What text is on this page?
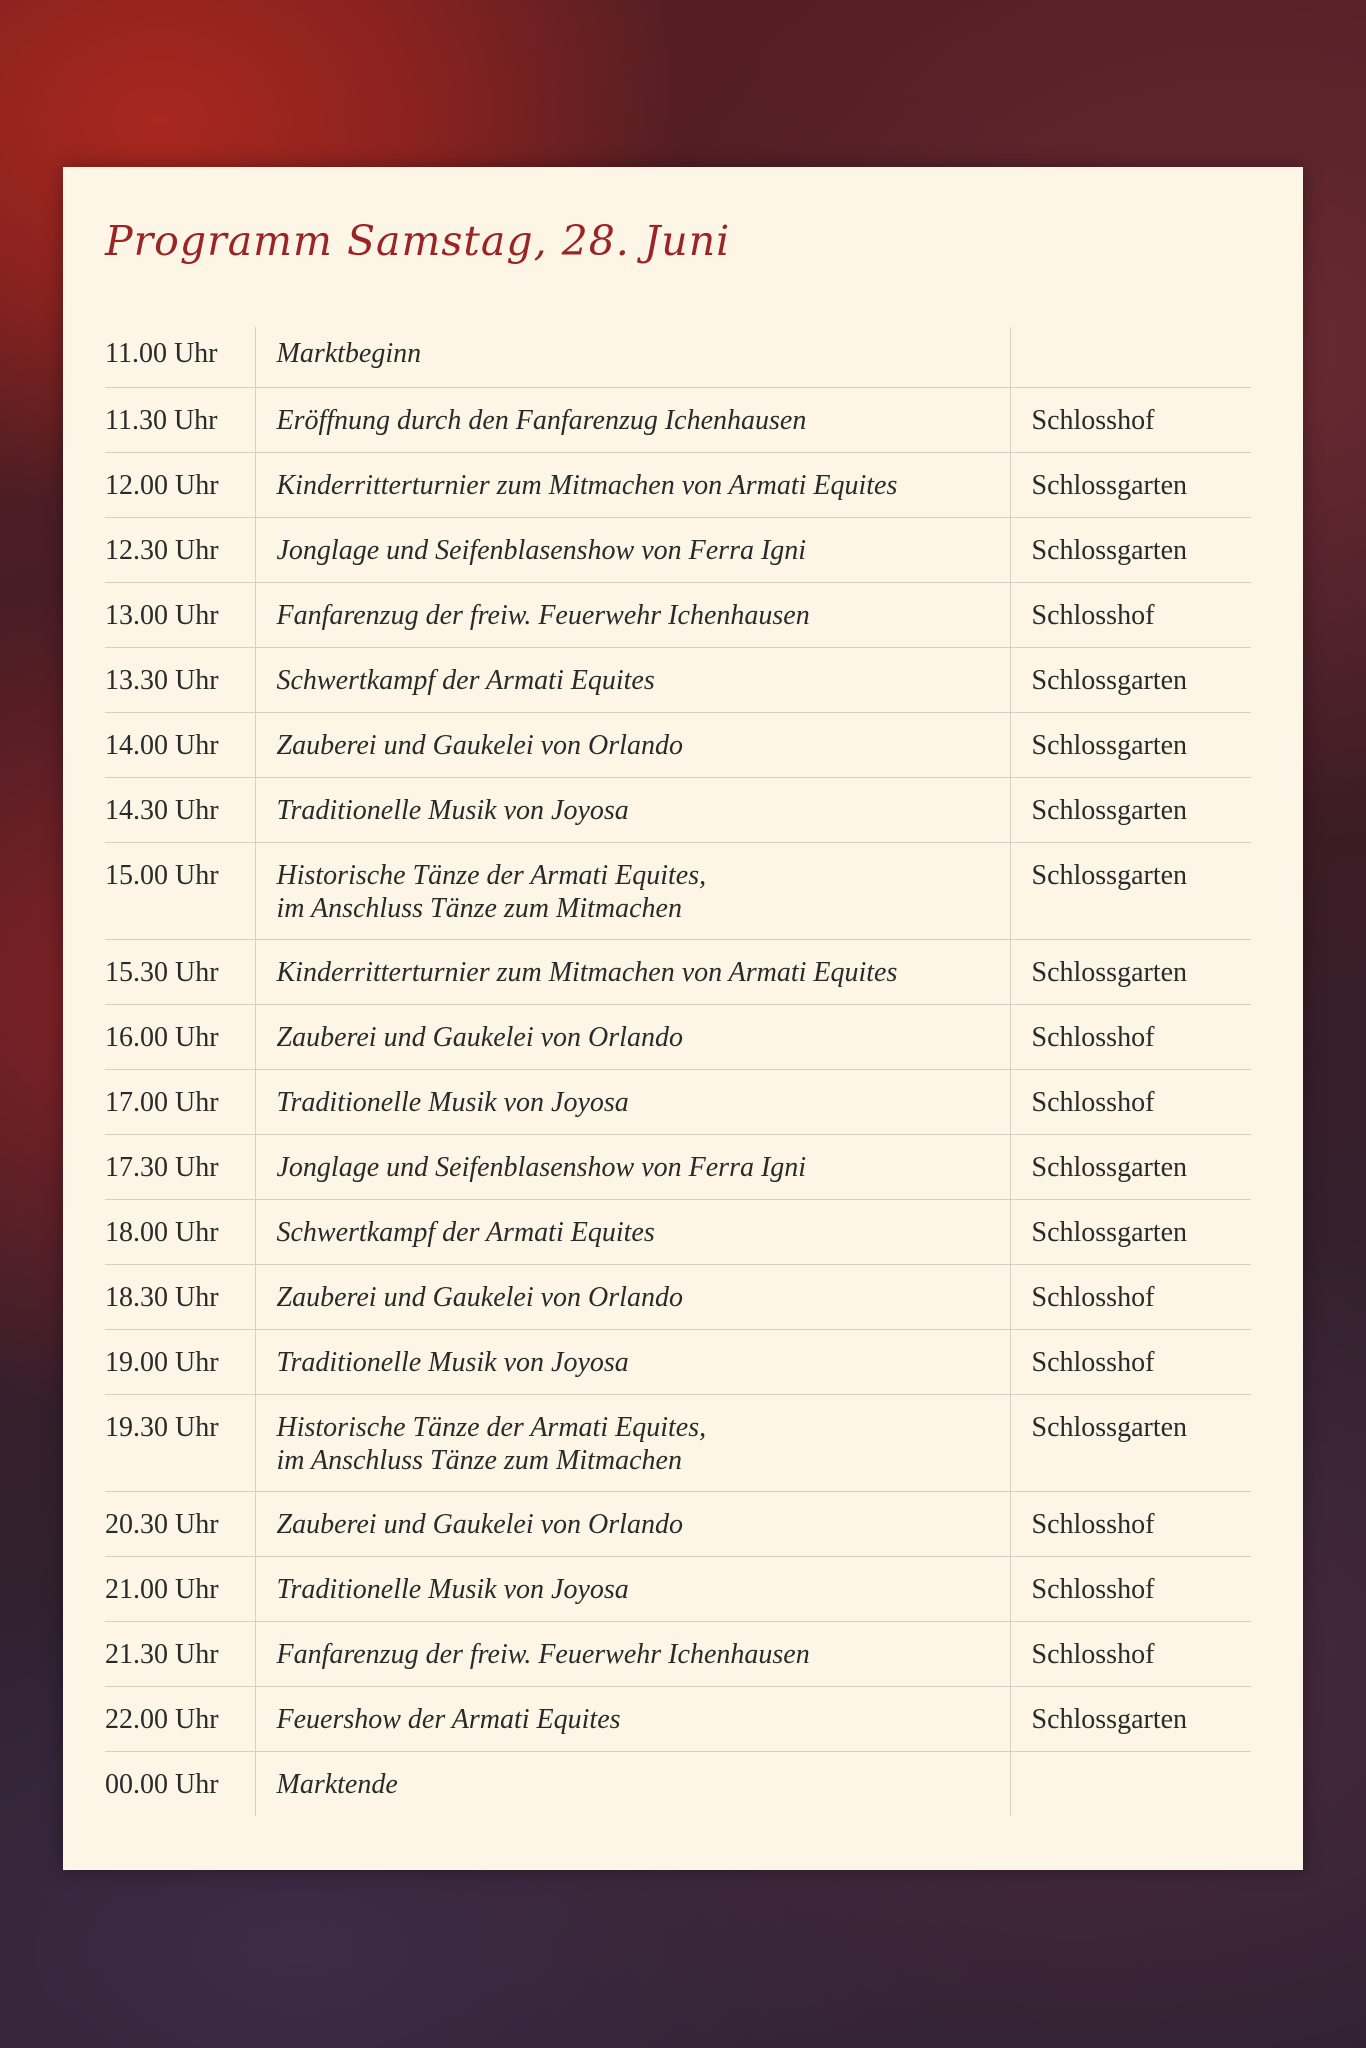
Programm Samstag, 28. Juni
11.00 Uhr	Marktbeginn	
11.30 Uhr	Eröffnung durch den Fanfarenzug Ichenhausen	Schlosshof
12.00 Uhr	Kinderritterturnier zum Mitmachen von Armati Equites	Schlossgarten
12.30 Uhr	Jonglage und Seifenblasenshow von Ferra Igni	Schlossgarten
13.00 Uhr	Fanfarenzug der freiw. Feuerwehr Ichenhausen	Schlosshof
13.30 Uhr	Schwertkampf der Armati Equites	Schlossgarten
14.00 Uhr	Zauberei und Gaukelei von Orlando	Schlossgarten
14.30 Uhr	Traditionelle Musik von Joyosa	Schlossgarten
15.00 Uhr	Historische Tänze der Armati Equites,
im Anschluss Tänze zum Mitmachen	Schlossgarten
15.30 Uhr	Kinderritterturnier zum Mitmachen von Armati Equites	Schlossgarten
16.00 Uhr	Zauberei und Gaukelei von Orlando	Schlosshof
17.00 Uhr	Traditionelle Musik von Joyosa	Schlosshof
17.30 Uhr	Jonglage und Seifenblasenshow von Ferra Igni	Schlossgarten
18.00 Uhr	Schwertkampf der Armati Equites	Schlossgarten
18.30 Uhr	Zauberei und Gaukelei von Orlando	Schlosshof
19.00 Uhr	Traditionelle Musik von Joyosa	Schlosshof
19.30 Uhr	Historische Tänze der Armati Equites,
im Anschluss Tänze zum Mitmachen	Schlossgarten
20.30 Uhr	Zauberei und Gaukelei von Orlando	Schlosshof
21.00 Uhr	Traditionelle Musik von Joyosa	Schlosshof
21.30 Uhr	Fanfarenzug der freiw. Feuerwehr Ichenhausen	Schlosshof
22.00 Uhr	Feuershow der Armati Equites	Schlossgarten
00.00 Uhr	Marktende	
